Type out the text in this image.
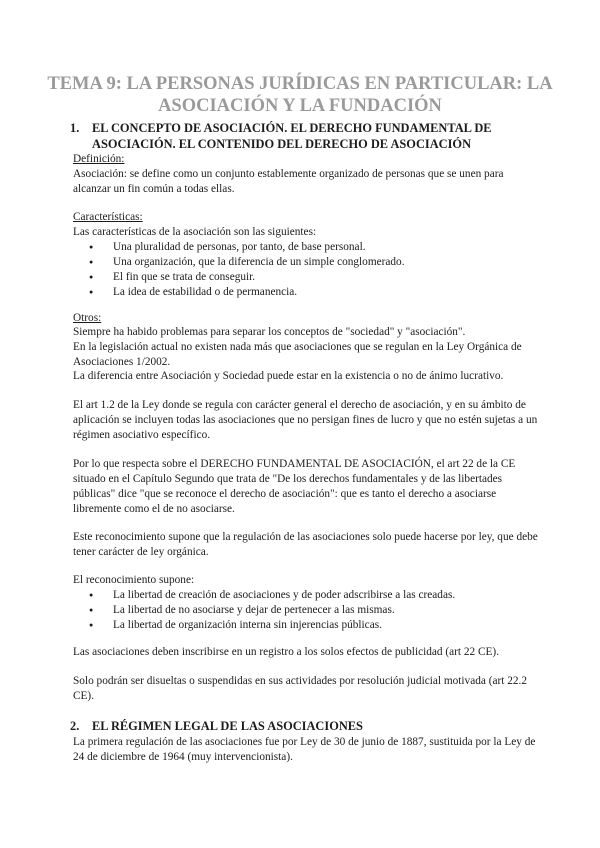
TEMA 9: LA PERSONAS JURÍDICAS EN PARTICULAR: LA ASOCIACIÓN Y LA FUNDACIÓN
1. EL CONCEPTO DE ASOCIACIÓN. EL DERECHO FUNDAMENTAL DE ASOCIACIÓN. EL CONTENIDO DEL DERECHO DE ASOCIACIÓN

Definición:

Asociación: se define como un conjunto establemente organizado de personas que se unen para alcanzar un fin común a todas ellas.

Características:

Las características de la asociación son las siguientes:

● Una pluralidad de personas, por tanto, de base personal.
● Una organización, que la diferencia de un simple conglomerado.
● El fin que se trata de conseguir.
● La idea de estabilidad o de permanencia.

Otros:

Siempre ha habido problemas para separar los conceptos de "sociedad" y "asociación".

En la legislación actual no existen nada más que asociaciones que se regulan en la Ley Orgánica de Asociaciones 1/2002.

La diferencia entre Asociación y Sociedad puede estar en la existencia o no de ánimo lucrativo.

El art 1.2 de la Ley donde se regula con carácter general el derecho de asociación, y en su ámbito de aplicación se incluyen todas las asociaciones que no persigan fines de lucro y que no estén sujetas a un régimen asociativo específico.

Por lo que respecta sobre el DERECHO FUNDAMENTAL DE ASOCIACIÓN, el art 22 de la CE situado en el Capítulo Segundo que trata de "De los derechos fundamentales y de las libertades públicas" dice "que se reconoce el derecho de asociación": que es tanto el derecho a asociarse libremente como el de no asociarse.

Este reconocimiento supone que la regulación de las asociaciones solo puede hacerse por ley, que debe tener carácter de ley orgánica.

El reconocimiento supone:

● La libertad de creación de asociaciones y de poder adscribirse a las creadas.
● La libertad de no asociarse y dejar de pertenecer a las mismas.
● La libertad de organización interna sin injerencias públicas.

Las asociaciones deben inscribirse en un registro a los solos efectos de publicidad (art 22 CE).

Solo podrán ser disueltas o suspendidas en sus actividades por resolución judicial motivada (art 22.2 CE).

2. EL RÉGIMEN LEGAL DE LAS ASOCIACIONES

La primera regulación de las asociaciones fue por Ley de 30 de junio de 1887, sustituida por la Ley de 24 de diciembre de 1964 (muy intervencionista).
